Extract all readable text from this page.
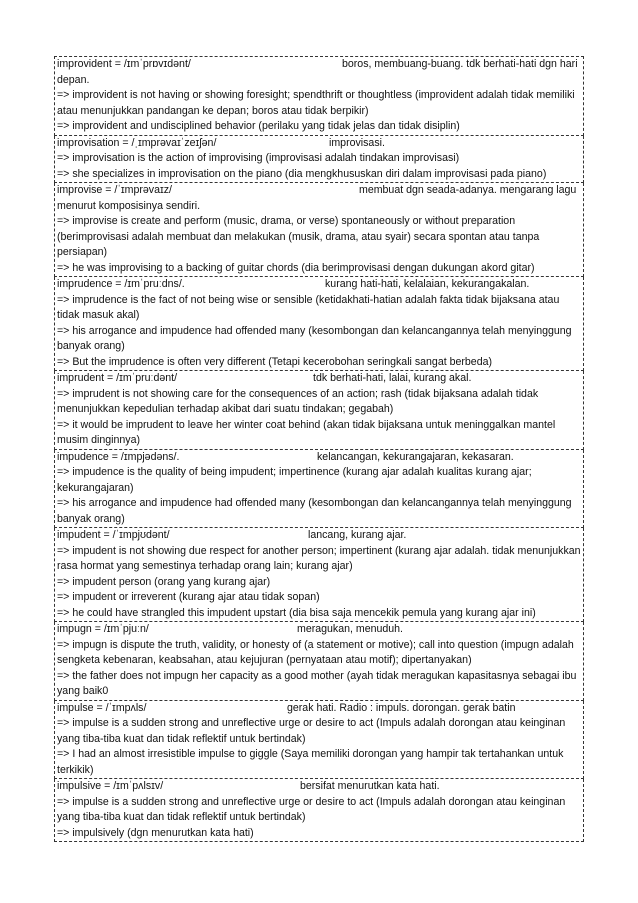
improvident = /ɪmˈprɒvɪdənt/	boros, membuang-buang. tdk berhati-hati dgn hari depan.
=> improvident is not having or showing foresight; spendthrift or thoughtless (improvident adalah tidak memiliki atau menunjukkan pandangan ke depan; boros atau tidak berpikir)
=> improvident and undisciplined behavior (perilaku yang tidak jelas dan tidak disiplin)
improvisation = /ˌɪmprəvaɪˈzeɪʃən/	improvisasi.
=> improvisation is the action of improvising (improvisasi adalah tindakan improvisasi)
=> she specializes in improvisation on the piano (dia mengkhususkan diri dalam improvisasi pada piano)
improvise = /ˈɪmprəvaɪz/	membuat dgn seada-adanya. mengarang lagu menurut komposisinya sendiri.
=> improvise is create and perform (music, drama, or verse) spontaneously or without preparation (berimprovisasi adalah membuat dan melakukan (musik, drama, atau syair) secara spontan atau tanpa persiapan)
=> he was improvising to a backing of guitar chords (dia berimprovisasi dengan dukungan akord gitar)
imprudence = /ɪmˈpruːdns/.	kurang hati-hati, kelalaian, kekurangakalan.
=> imprudence is the fact of not being wise or sensible (ketidakhati-hatian adalah fakta tidak bijaksana atau tidak masuk akal)
=> his arrogance and impudence had offended many (kesombongan dan kelancangannya telah menyinggung banyak orang)
=> But the imprudence is often very different (Tetapi kecerobohan seringkali sangat berbeda)
imprudent = /ɪmˈpruːdənt/	tdk berhati-hati, lalai, kurang akal.
=> imprudent is not showing care for the consequences of an action; rash (tidak bijaksana adalah tidak menunjukkan kepedulian terhadap akibat dari suatu tindakan; gegabah)
=> it would be imprudent to leave her winter coat behind (akan tidak bijaksana untuk meninggalkan mantel musim dinginnya)
impudence = /ɪmpjədəns/.	kelancangan, kekurangajaran, kekasaran.
=> impudence is the quality of being impudent; impertinence (kurang ajar adalah kualitas kurang ajar; kekurangajaran)
=> his arrogance and impudence had offended many (kesombongan dan kelancangannya telah menyinggung banyak orang)
impudent = /ˈɪmpjʊdənt/	lancang, kurang ajar.
=> impudent is not showing due respect for another person; impertinent (kurang ajar adalah. tidak menunjukkan rasa hormat yang semestinya terhadap orang lain; kurang ajar)
=> impudent person (orang yang kurang ajar)
=> impudent or irreverent (kurang ajar atau tidak sopan)
=> he could have strangled this impudent upstart (dia bisa saja mencekik pemula yang kurang ajar ini)
impugn = /ɪmˈpjuːn/	meragukan, menuduh.
=> impugn is dispute the truth, validity, or honesty of (a statement or motive); call into question (impugn adalah sengketa kebenaran, keabsahan, atau kejujuran (pernyataan atau motif); dipertanyakan)
=> the father does not impugn her capacity as a good mother (ayah tidak meragukan kapasitasnya sebagai ibu yang baik0
impulse = /ˈɪmpʌls/	gerak hati. Radio : impuls. dorongan. gerak batin
=> impulse is a sudden strong and unreflective urge or desire to act (Impuls adalah dorongan atau keinginan yang tiba-tiba kuat dan tidak reflektif untuk bertindak)
=> I had an almost irresistible impulse to giggle (Saya memiliki dorongan yang hampir tak tertahankan untuk terkikik)
impulsive = /ɪmˈpʌlsɪv/	bersifat menurutkan kata hati.
=> impulse is a sudden strong and unreflective urge or desire to act (Impuls adalah dorongan atau keinginan yang tiba-tiba kuat dan tidak reflektif untuk bertindak)
=> impulsively (dgn menurutkan kata hati)
